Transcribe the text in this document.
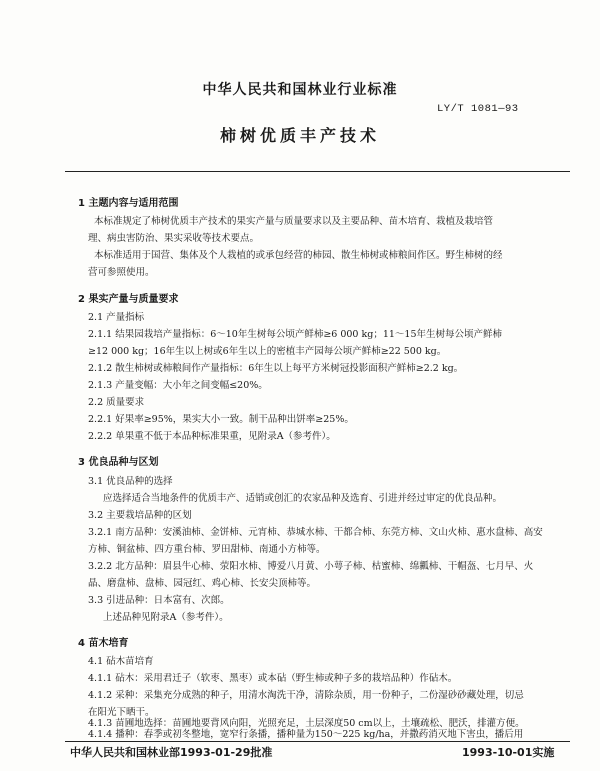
中华人民共和国林业行业标准
LY/T 1081—93
柿树优质丰产技术
1 主题内容与适用范围
本标准规定了柿树优质丰产技术的果实产量与质量要求以及主要品种、苗木培育、栽植及栽培管
理、病虫害防治、果实采收等技术要点。
本标准适用于国营、集体及个人栽植的或承包经营的柿园、散生柿树或柿粮间作区。野生柿树的经
营可参照使用。
2 果实产量与质量要求
2.1 产量指标
2.1.1 结果园栽培产量指标：6～10年生树每公顷产鲜柿≥6 000 kg；11～15年生树每公顷产鲜柿
≥12 000 kg；16年生以上树或6年生以上的密植丰产园每公顷产鲜柿≥22 500 kg。
2.1.2 散生柿树或柿粮间作产量指标：6年生以上每平方米树冠投影面积产鲜柿≥2.2 kg。
2.1.3 产量变幅：大小年之间变幅≤20%。
2.2 质量要求
2.2.1 好果率≥95%，果实大小一致。制干品种出饼率≥25%。
2.2.2 单果重不低于本品种标准果重，见附录A（参考件）。
3 优良品种与区划
3.1 优良品种的选择
应选择适合当地条件的优质丰产、适销或创汇的农家品种及选育、引进并经过审定的优良品种。
3.2 主要栽培品种的区划
3.2.1 南方品种：安溪油柿、金饼柿、元宵柿、恭城水柿、干都合柿、东莞方柿、文山火柿、惠水盘柿、高安
方柿、铜盆柿、四方重台柿、罗田甜柿、南通小方柿等。
3.2.2 北方品种：眉县牛心柿、荥阳水柿、博爱八月黄、小萼子柿、枯蜜柿、绵瓤柿、干帽盔、七月早、火
晶、磨盘柿、盘柿、园冠红、鸡心柿、长安尖顶柿等。
3.3 引进品种：日本富有、次郎。
上述品种见附录A（参考件）。
4 苗木培育
4.1 砧木苗培育
4.1.1 砧木：采用君迁子（软枣、黑枣）或本砧（野生柿或种子多的栽培品种）作砧木。
4.1.2 采种：采集充分成熟的种子，用清水淘洗干净，清除杂质，用一份种子，二份湿砂砂藏处理，切忌
在阳光下晒干。
4.1.3 苗圃地选择：苗圃地要背风向阳，光照充足，土层深度50 cm以上，土壤疏松、肥沃，排灌方便。
4.1.4 播种：春季或初冬整地，宽窄行条播，播种量为150～225 kg/ha，并撒药消灭地下害虫，播后用
中华人民共和国林业部1993-01-29批准	1993-10-01实施
